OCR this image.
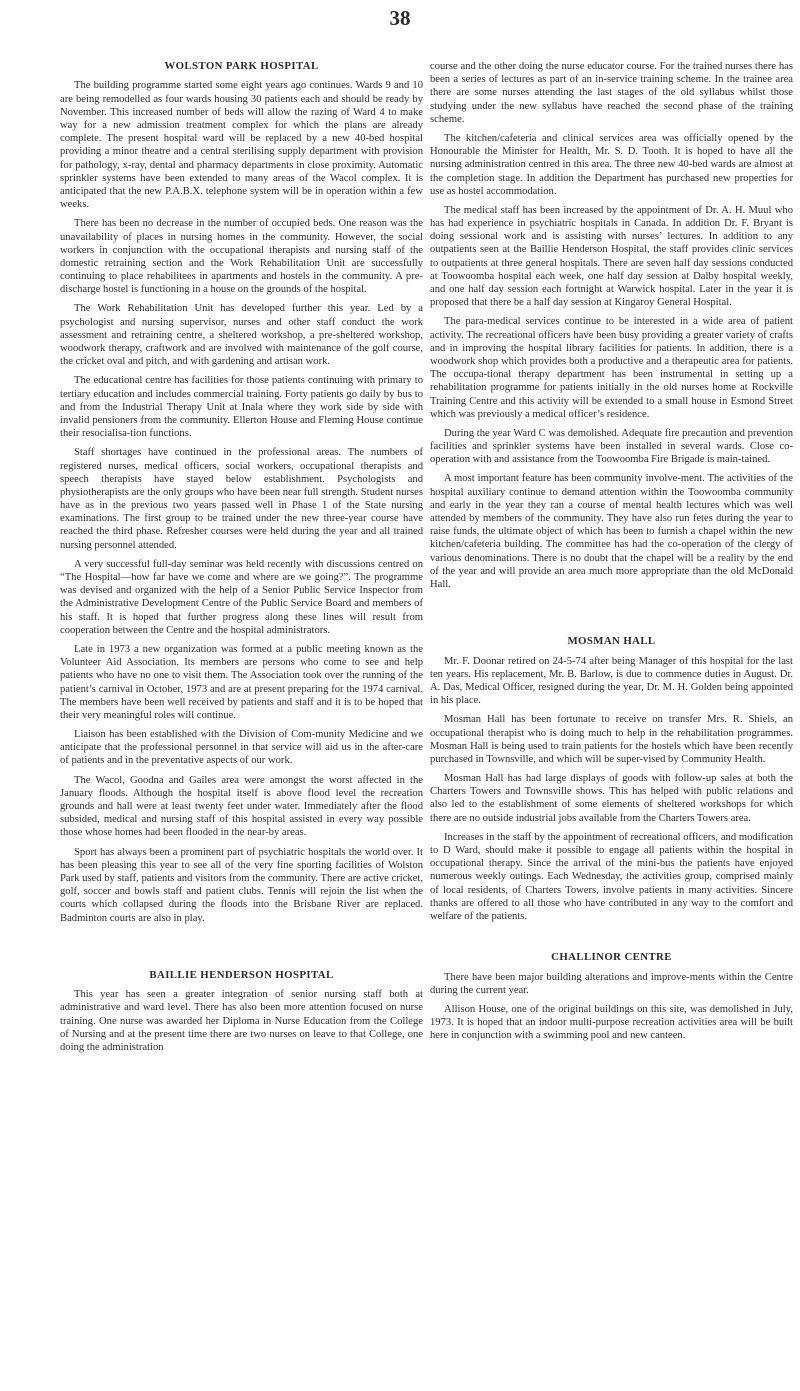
38
WOLSTON PARK HOSPITAL

The building programme started some eight years ago continues. Wards 9 and 10 are being remodelled as four wards housing 30 patients each and should be ready by November. This increased number of beds will allow the razing of Ward 4 to make way for a new admission treatment complex for which the plans are already complete. The present hospital ward will be replaced by a new 40-bed hospital providing a minor theatre and a central sterilising supply department with provision for pathology, x-ray, dental and pharmacy departments in close proximity. Automatic sprinkler systems have been extended to many areas of the Wacol complex. It is anticipated that the new P.A.B.X. telephone system will be in operation within a few weeks.

There has been no decrease in the number of occupied beds. One reason was the unavailability of places in nursing homes in the community. However, the social workers in conjunction with the occupational therapists and nursing staff of the domestic retraining section and the Work Rehabilitation Unit are successfully continuing to place rehabilitees in apartments and hostels in the community. A pre-discharge hostel is functioning in a house on the grounds of the hospital.

The Work Rehabilitation Unit has developed further this year. Led by a psychologist and nursing supervisor, nurses and other staff conduct the work assessment and retraining centre, a sheltered workshop, a pre-sheltered workshop, woodwork therapy, craftwork and are involved with maintenance of the golf course, the cricket oval and pitch, and with gardening and artisan work.

The educational centre has facilities for those patients continuing with primary to tertiary education and includes commercial training. Forty patients go daily by bus to and from the Industrial Therapy Unit at Inala where they work side by side with invalid pensioners from the community. Ellerton House and Fleming House continue their resocialisa-tion functions.

Staff shortages have continued in the professional areas. The numbers of registered nurses, medical officers, social workers, occupational therapists and speech therapists have stayed below establishment. Psychologists and physiotherapists are the only groups who have been near full strength. Student nurses have as in the previous two years passed well in Phase 1 of the State nursing examinations. The first group to be trained under the new three-year course have reached the third phase. Refresher courses were held during the year and all trained nursing personnel attended.

A very successful full-day seminar was held recently with discussions centred on “The Hospital—how far have we come and where are we going?”. The programme was devised and organized with the help of a Senior Public Service Inspector from the Administrative Development Centre of the Public Service Board and members of his staff. It is hoped that further progress along these lines will result from cooperation between the Centre and the hospital administrators.

Late in 1973 a new organization was formed at a public meeting known as the Volunteer Aid Association. Its members are persons who come to see and help patients who have no one to visit them. The Association took over the running of the patient’s carnival in October, 1973 and are at present preparing for the 1974 carnival. The members have been well received by patients and staff and it is to be hoped that their very meaningful roles will continue.

Liaison has been established with the Division of Com-munity Medicine and we anticipate that the professional personnel in that service will aid us in the after-care of patients and in the preventative aspects of our work.

The Wacol, Goodna and Gailes area were amongst the worst affected in the January floods. Although the hospital itself is above flood level the recreation grounds and hall were at least twenty feet under water. Immediately after the flood subsided, medical and nursing staff of this hospital assisted in every way possible those whose homes had been flooded in the near-by areas.

Sport has always been a prominent part of psychiatric hospitals the world over. It has been pleasing this year to see all of the very fine sporting facilities of Wolston Park used by staff, patients and visitors from the community. There are active cricket, golf, soccer and bowls staff and patient clubs. Tennis will rejoin the list when the courts which collapsed during the floods into the Brisbane River are replaced. Badminton courts are also in play.

BAILLIE HENDERSON HOSPITAL

This year has seen a greater integration of senior nursing staff both at administrative and ward level. There has also been more attention focused on nurse training. One nurse was awarded her Diploma in Nurse Education from the College of Nursing and at the present time there are two nurses on leave to that College, one doing the administration

course and the other doing the nurse educator course. For the trained nurses there has been a series of lectures as part of an in-service training scheme. In the trainee area there are some nurses attending the last stages of the old syllabus whilst those studying under the new syllabus have reached the second phase of the training scheme.

The kitchen/cafeteria and clinical services area was officially opened by the Honourable the Minister for Health, Mr. S. D. Tooth. It is hoped to have all the nursing administration centred in this area. The three new 40-bed wards are almost at the completion stage. In addition the Department has purchased new properties for use as hostel accommodation.

The medical staff has been increased by the appointment of Dr. A. H. Muul who has had experience in psychiatric hospitals in Canada. In addition Dr. F. Bryant is doing sessional work and is assisting with nurses’ lectures. In addition to any outpatients seen at the Baillie Henderson Hospital, the staff provides clinic services to outpatients at three general hospitals. There are seven half day sessions conducted at Toowoomba hospital each week, one half day session at Dalby hospital weekly, and one half day session each fortnight at Warwick hospital. Later in the year it is proposed that there be a half day session at Kingaroy General Hospital.

The para-medical services continue to be interested in a wide area of patient activity. The recreational officers have been busy providing a greater variety of crafts and in improving the hospital library facilities for patients. In addition, there is a woodwork shop which provides both a productive and a therapeutic area for patients. The occupa-tional therapy department has been instrumental in setting up a rehabilitation programme for patients initially in the old nurses home at Rockville Training Centre and this activity will be extended to a small house in Esmond Street which was previously a medical officer’s residence.

During the year Ward C was demolished. Adequate fire precaution and prevention facilities and sprinkler systems have been installed in several wards. Close co-operation with and assistance from the Toowoomba Fire Brigade is main-tained.

A most important feature has been community involve-ment. The activities of the hospital auxiliary continue to demand attention within the Toowoomba community and early in the year they ran a course of mental health lectures which was well attended by members of the community. They have also run fetes during the year to raise funds, the ultimate object of which has been to furnish a chapel within the new kitchen/cafeteria building. The committee has had the co-operation of the clergy of various denominations. There is no doubt that the chapel will be a reality by the end of the year and will provide an area much more appropriate than the old McDonald Hall.

MOSMAN HALL

Mr. F. Doonar retired on 24-5-74 after being Manager of this hospital for the last ten years. His replacement, Mr. B. Barlow, is due to commence duties in August. Dr. A. Das, Medical Officer, resigned during the year, Dr. M. H. Golden being appointed in his place.

Mosman Hall has been fortunate to receive on transfer Mrs. R. Shiels, an occupational therapist who is doing much to help in the rehabilitation programmes. Mosman Hall is being used to train patients for the hostels which have been recently purchased in Townsville, and which will be super-vised by Community Health.

Mosman Hall has had large displays of goods with follow-up sales at both the Charters Towers and Townsville shows. This has helped with public relations and also led to the establishment of some elements of sheltered workshops for which there are no outside industrial jobs available from the Charters Towers area.

Increases in the staff by the appointment of recreational officers, and modification to D Ward, should make it possible to engage all patients within the hospital in occupational therapy. Since the arrival of the mini-bus the patients have enjoyed numerous weekly outings. Each Wednesday, the activities group, comprised mainly of local residents, of Charters Towers, involve patients in many activities. Sincere thanks are offered to all those who have contributed in any way to the comfort and welfare of the patients.

CHALLINOR CENTRE

There have been major building alterations and improve-ments within the Centre during the current year.

Allison House, one of the original buildings on this site, was demolished in July, 1973. It is hoped that an indoor multi-purpose recreation activities area will be built here in conjunction with a swimming pool and new canteen.
